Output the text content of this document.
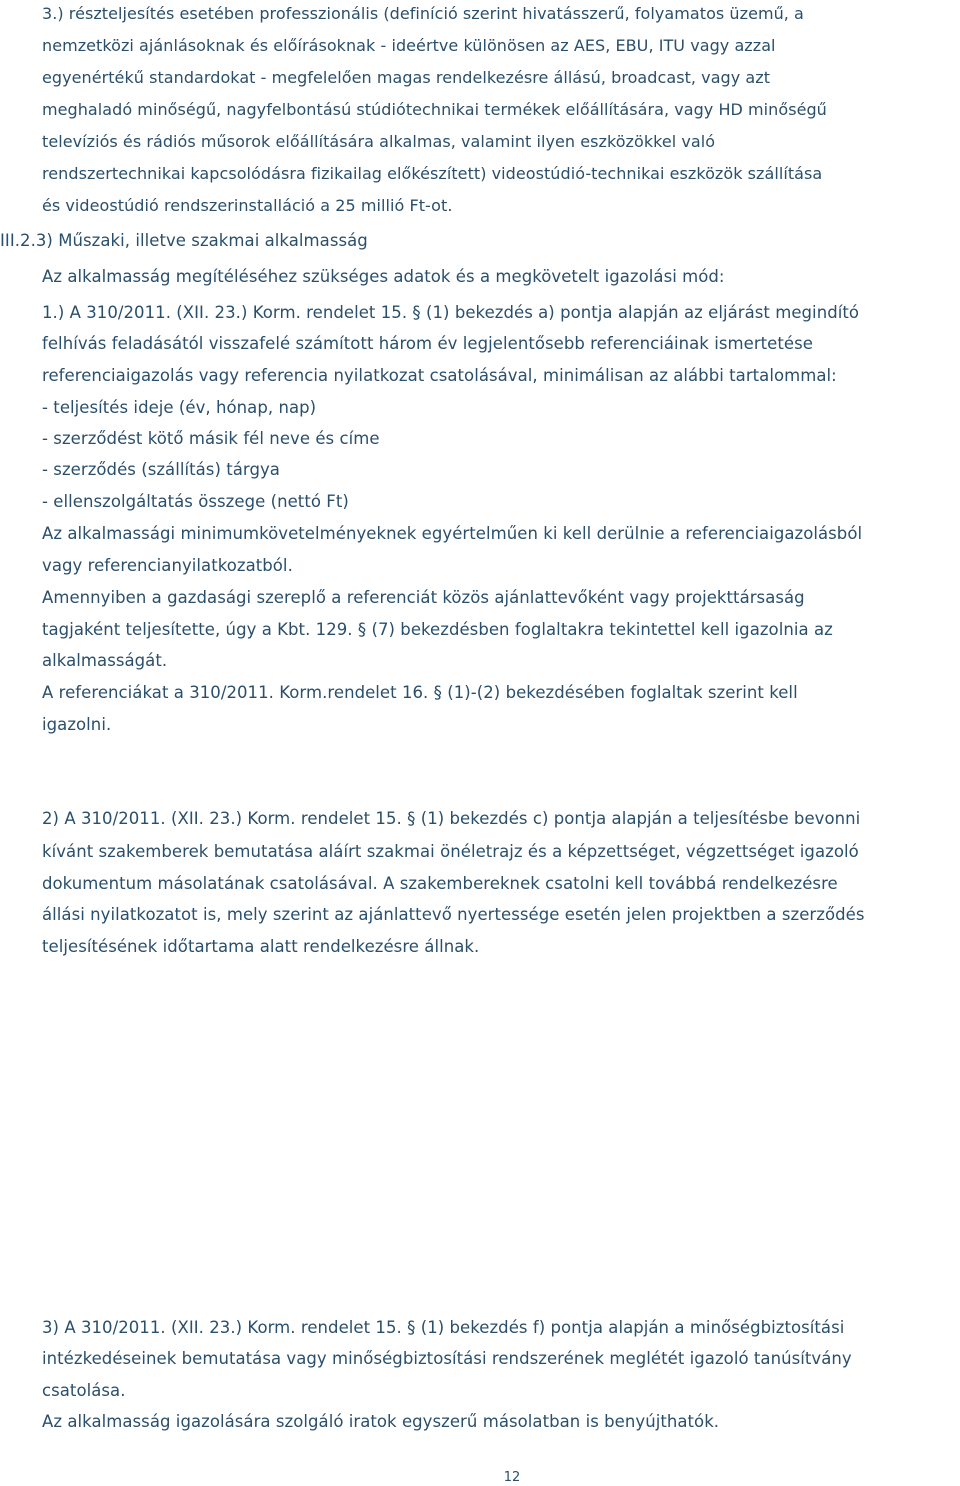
3.) részteljesítés esetében professzionális (definíció szerint hivatásszerű, folyamatos üzemű, a
nemzetközi ajánlásoknak és előírásoknak - ideértve különösen az AES, EBU, ITU vagy azzal
egyenértékű standardokat - megfelelően magas rendelkezésre állású, broadcast, vagy azt
meghaladó minőségű, nagyfelbontású stúdiótechnikai termékek előállítására, vagy HD minőségű
televíziós és rádiós műsorok előállítására alkalmas, valamint ilyen eszközökkel való
rendszertechnikai kapcsolódásra fizikailag előkészített) videostúdió-technikai eszközök szállítása
és videostúdió rendszerinstalláció a 25 millió Ft-ot.
III.2.3) Műszaki, illetve szakmai alkalmasság
Az alkalmasság megítéléséhez szükséges adatok és a megkövetelt igazolási mód:
1.) A 310/2011. (XII. 23.) Korm. rendelet 15. § (1) bekezdés a) pontja alapján az eljárást megindító
felhívás feladásától visszafelé számított három év legjelentősebb referenciáinak ismertetése
referenciaigazolás vagy referencia nyilatkozat csatolásával, minimálisan az alábbi tartalommal:
- teljesítés ideje (év, hónap, nap)
- szerződést kötő másik fél neve és címe
- szerződés (szállítás) tárgya
- ellenszolgáltatás összege (nettó Ft)
Az alkalmassági minimumkövetelményeknek egyértelműen ki kell derülnie a referenciaigazolásból
vagy referencianyilatkozatból.
Amennyiben a gazdasági szereplő a referenciát közös ajánlattevőként vagy projekttársaság
tagjaként teljesítette, úgy a Kbt. 129. § (7) bekezdésben foglaltakra tekintettel kell igazolnia az
alkalmasságát.
A referenciákat a 310/2011. Korm.rendelet 16. § (1)-(2) bekezdésében foglaltak szerint kell
igazolni.
2) A 310/2011. (XII. 23.) Korm. rendelet 15. § (1) bekezdés c) pontja alapján a teljesítésbe bevonni
kívánt szakemberek bemutatása aláírt szakmai önéletrajz és a képzettséget, végzettséget igazoló
dokumentum másolatának csatolásával. A szakembereknek csatolni kell továbbá rendelkezésre
állási nyilatkozatot is, mely szerint az ajánlattevő nyertessége esetén jelen projektben a szerződés
teljesítésének időtartama alatt rendelkezésre állnak.
3) A 310/2011. (XII. 23.) Korm. rendelet 15. § (1) bekezdés f) pontja alapján a minőségbiztosítási
intézkedéseinek bemutatása vagy minőségbiztosítási rendszerének meglétét igazoló tanúsítvány
csatolása.
Az alkalmasság igazolására szolgáló iratok egyszerű másolatban is benyújthatók.
12
